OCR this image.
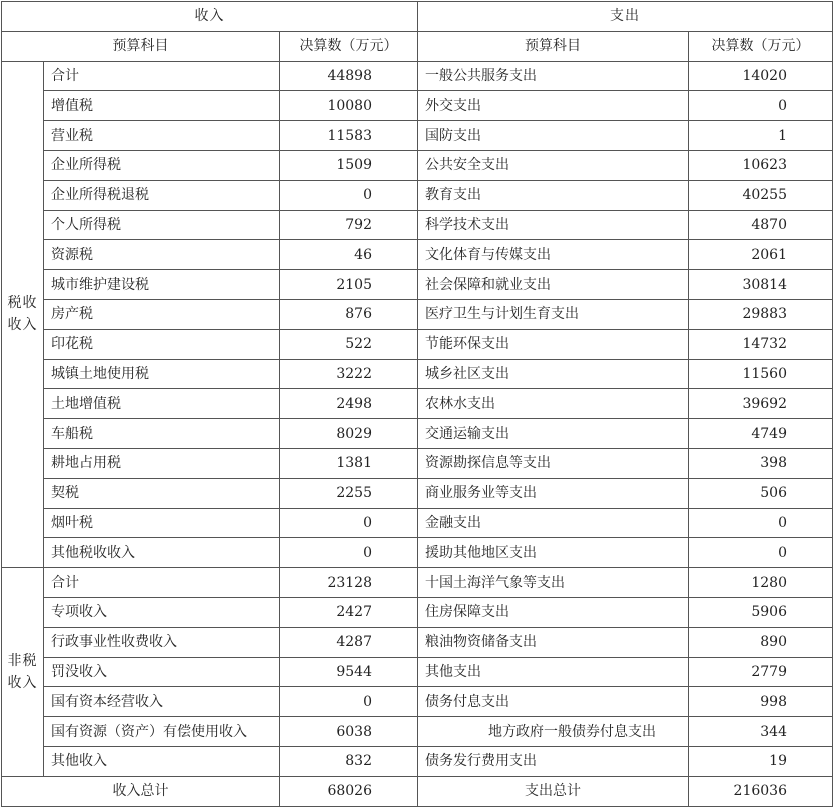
收入			支出	
预算科目		决算数（万元）	预算科目	决算数（万元）

税收
收入	合计	44898	一般公共服务支出	14020
	增值税	10080	外交支出	0
	营业税	11583	国防支出	1
	企业所得税	1509	公共安全支出	10623
	企业所得税退税	0	教育支出	40255
	个人所得税	792	科学技术支出	4870
	资源税	46	文化体育与传媒支出	2061
	城市维护建设税	2105	社会保障和就业支出	30814
	房产税	876	医疗卫生与计划生育支出	29883
	印花税	522	节能环保支出	14732
	城镇土地使用税	3222	城乡社区支出	11560
	土地增值税	2498	农林水支出	39692
	车船税	8029	交通运输支出	4749
	耕地占用税	1381	资源勘探信息等支出	398
	契税	2255	商业服务业等支出	506
	烟叶税	0	金融支出	0
	其他税收收入	0	援助其他地区支出	0

非税
收入	合计	23128	十国土海洋气象等支出	1280
	专项收入	2427	住房保障支出	5906
	行政事业性收费收入	4287	粮油物资储备支出	890
	罚没收入	9544	其他支出	2779
	国有资本经营收入	0	债务付息支出	998
	国有资源（资产）有偿使用收入	6038	地方政府一般债券付息支出	344
	其他收入	832	债务发行费用支出	19
收入总计		68026	支出总计	216036
